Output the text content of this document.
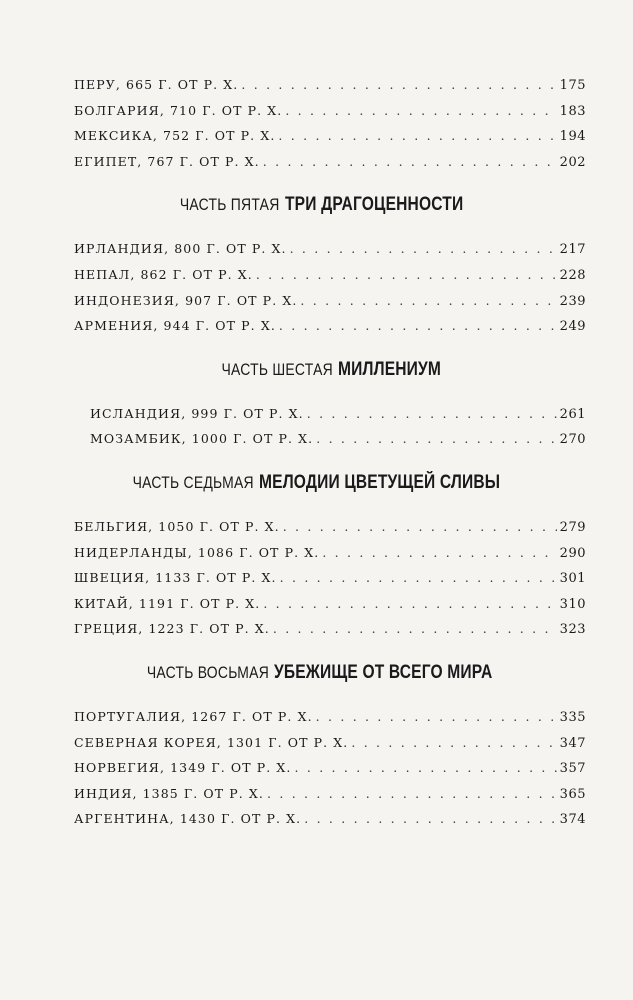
ПЕРУ, 665 Г. ОТ Р. Х. . . .	175
БОЛГАРИЯ, 710 Г. ОТ Р. Х. . . .	183
МЕКСИКА, 752 Г. ОТ Р. Х. . . .	194
ЕГИПЕТ, 767 Г. ОТ Р. Х. . . .	202
ЧАСТЬ ПЯТАЯ ТРИ ДРАГОЦЕННОСТИ
ИРЛАНДИЯ, 800 Г. ОТ Р. Х. . . .	217
НЕПАЛ, 862 Г. ОТ Р. Х. . . .	228
ИНДОНЕЗИЯ, 907 Г. ОТ Р. Х. . . .	239
АРМЕНИЯ, 944 Г. ОТ Р. Х. . . .	249
ЧАСТЬ ШЕСТАЯ МИЛЛЕНИУМ
ИСЛАНДИЯ, 999 Г. ОТ Р. Х. . . .	261
МОЗАМБИК, 1000 Г. ОТ Р. Х. . . .	270
ЧАСТЬ СЕДЬМАЯ МЕЛОДИИ ЦВЕТУЩЕЙ СЛИВЫ
БЕЛЬГИЯ, 1050 Г. ОТ Р. Х. . . .	279
НИДЕРЛАНДЫ, 1086 Г. ОТ Р. Х. . . .	290
ШВЕЦИЯ, 1133 Г. ОТ Р. Х. . . .	301
КИТАЙ, 1191 Г. ОТ Р. Х. . . .	310
ГРЕЦИЯ, 1223 Г. ОТ Р. Х. . . .	323
ЧАСТЬ ВОСЬМАЯ УБЕЖИЩЕ ОТ ВСЕГО МИРА
ПОРТУГАЛИЯ, 1267 Г. ОТ Р. Х. . . .	335
СЕВЕРНАЯ КОРЕЯ, 1301 Г. ОТ Р. Х. . . .	347
НОРВЕГИЯ, 1349 Г. ОТ Р. Х. . . .	357
ИНДИЯ, 1385 Г. ОТ Р. Х. . . .	365
АРГЕНТИНА, 1430 Г. ОТ Р. Х. . . .	374
